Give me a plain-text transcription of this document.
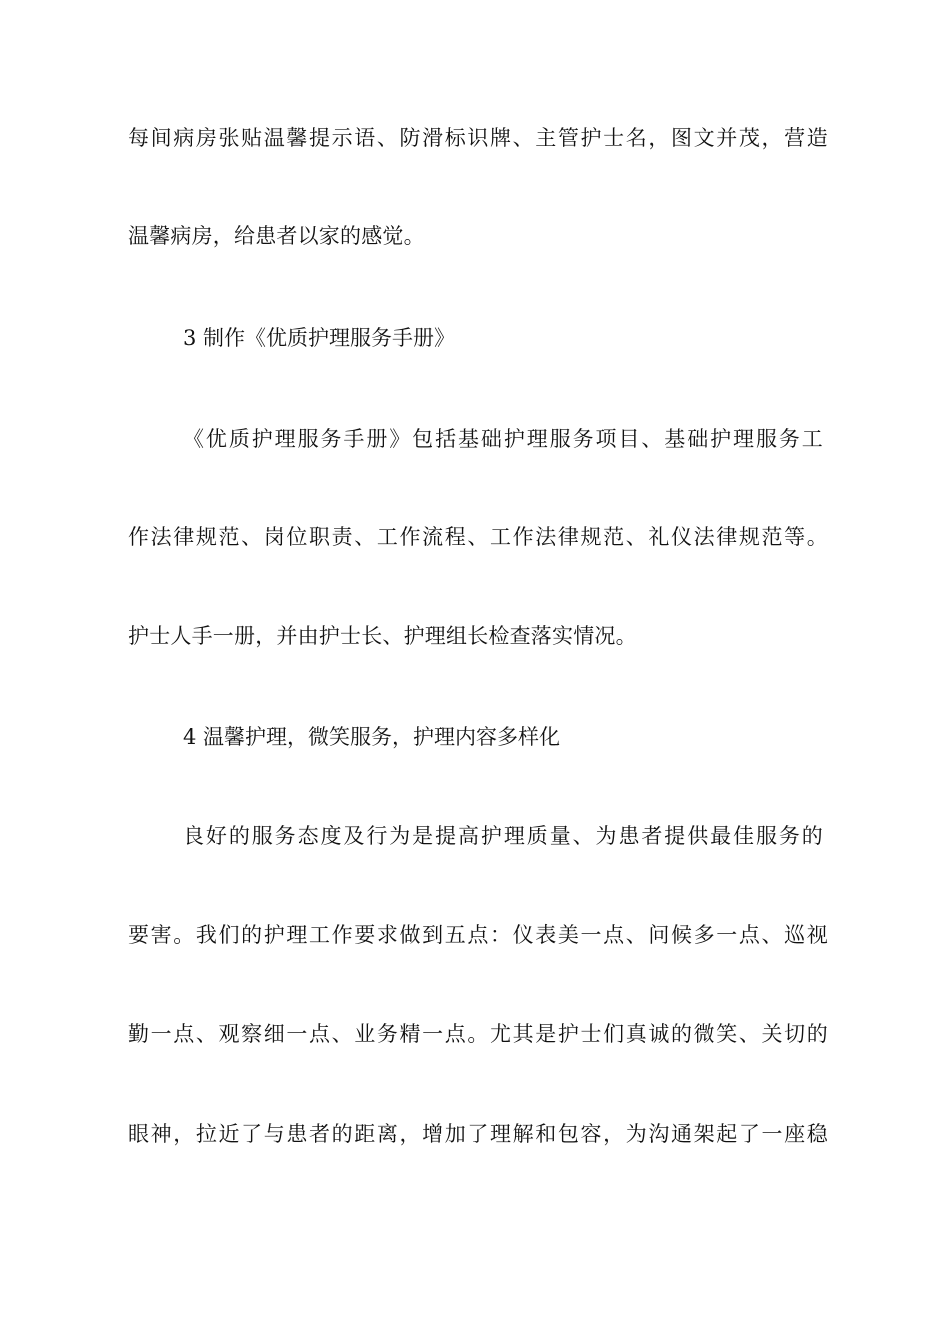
每间病房张贴温馨提示语、防滑标识牌、主管护士名，图文并茂，营造
温馨病房，给患者以家的感觉。
3 制作《优质护理服务手册》
《优质护理服务手册》包括基础护理服务项目、基础护理服务工
作法律规范、岗位职责、工作流程、工作法律规范、礼仪法律规范等。
护士人手一册，并由护士长、护理组长检查落实情况。
4 温馨护理，微笑服务，护理内容多样化
良好的服务态度及行为是提高护理质量、为患者提供最佳服务的
要害。我们的护理工作要求做到五点：仪表美一点、问候多一点、巡视
勤一点、观察细一点、业务精一点。尤其是护士们真诚的微笑、关切的
眼神，拉近了与患者的距离，增加了理解和包容，为沟通架起了一座稳
